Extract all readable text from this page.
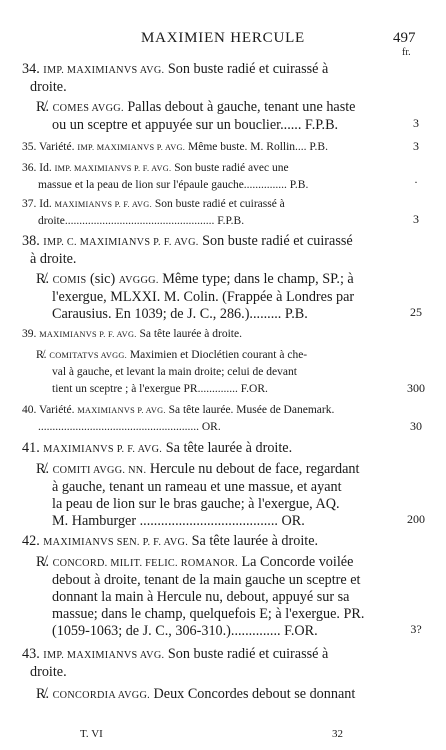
MAXIMIEN HERCULE	497
fr.

34. IMP. MAXIMIANVS AVG. Son buste radié et cuirassé à
droite.

R̸. COMES AVGG. Pallas debout à gauche, tenant une haste
ou un sceptre et appuyée sur un bouclier...... F.P.B.	3

35. Variété. IMP. MAXIMIANVS P. AVG. Même buste. M. Rollin.... P.B.	3

36. Id. IMP. MAXIMIANVS P. F. AVG. Son buste radié avec une
massue et la peau de lion sur l'épaule gauche............... P.B.	.

37. Id. MAXIMIANVS P. F. AVG. Son buste radié et cuirassé à
droite.................................................... F.P.B.	3

38. IMP. C. MAXIMIANVS P. F. AVG. Son buste radié et cuirassé
à droite.

R̸. COMIS (sic) AVGGG. Même type; dans le champ, SP.; à
l'exergue, MLXXI. M. Colin. (Frappée à Londres par
Carausius. En 1039; de J. C., 286.)......... P.B.	25

39. MAXIMIANVS P. F. AVG. Sa tête laurée à droite.

R̸. COMITATVS AVGG. Maximien et Dioclétien courant à che-
val à gauche, et levant la main droite; celui de devant
tient un sceptre ; à l'exergue PR.............. F.OR.	300

40. Variété. MAXIMIANVS P. AVG. Sa tête laurée. Musée de Danemark.
........................................................ OR.	30

41. MAXIMIANVS P. F. AVG. Sa tête laurée à droite.

R̸. COMITI AVGG. NN. Hercule nu debout de face, regardant
à gauche, tenant un rameau et une massue, et ayant
la peau de lion sur le bras gauche; à l'exergue, AQ.
M. Hamburger ....................................... OR.	200

42. MAXIMIANVS SEN. P. F. AVG. Sa tête laurée à droite.

R̸. CONCORD. MILIT. FELIC. ROMANOR. La Concorde voilée
debout à droite, tenant de la main gauche un sceptre et
donnant la main à Hercule nu, debout, appuyé sur sa
massue; dans le champ, quelquefois E; à l'exergue. PR.
(1059-1063; de J. C., 306-310.).............. F.OR.	3?

43. IMP. MAXIMIANVS AVG. Son buste radié et cuirassé à
droite.

R̸. CONCORDIA AVGG. Deux Concordes debout se donnant

T. VI	32
